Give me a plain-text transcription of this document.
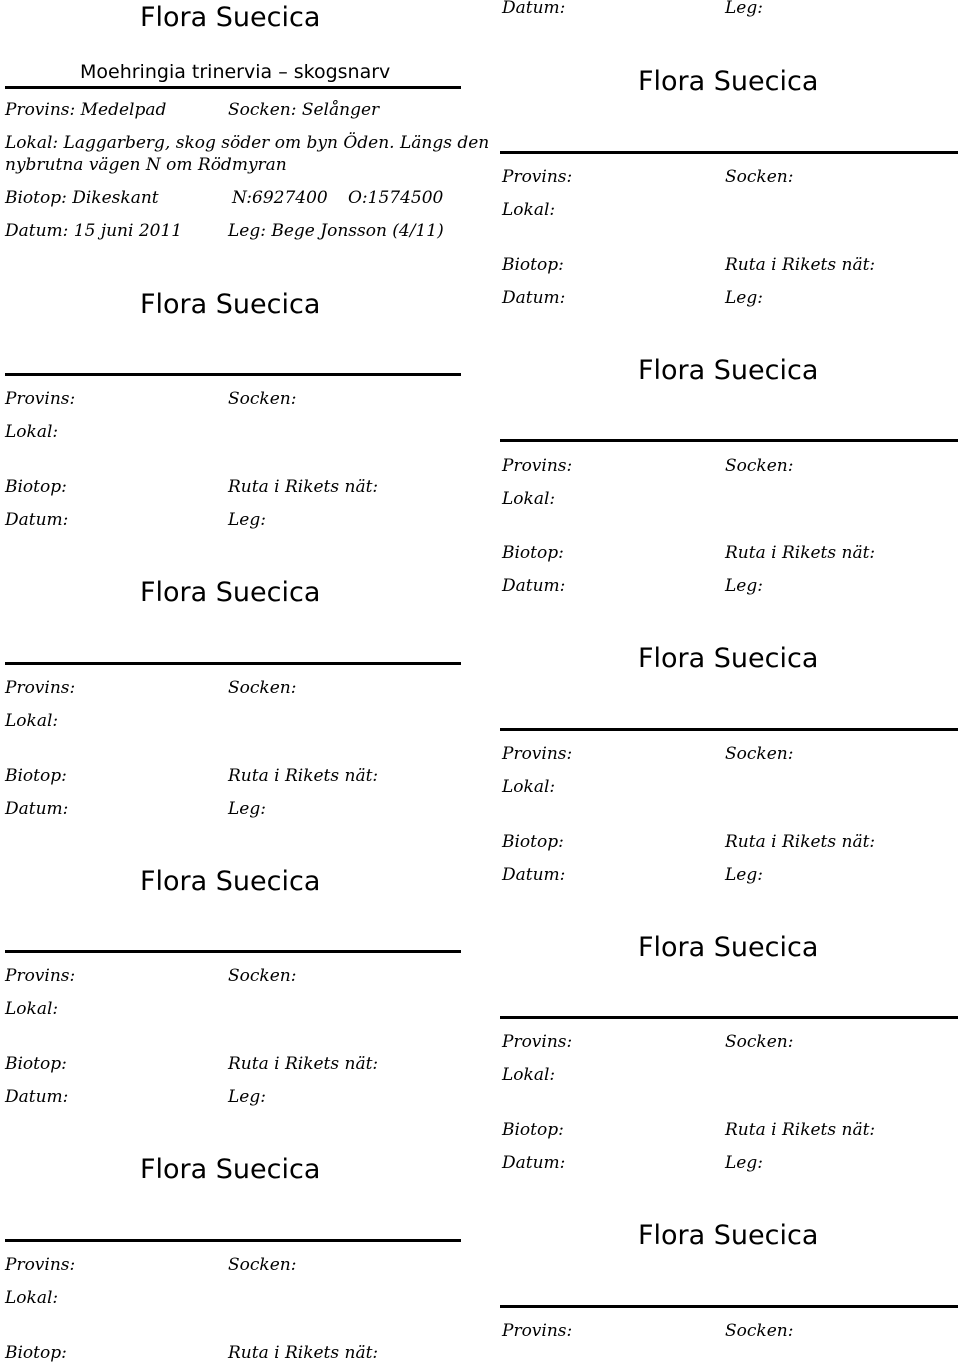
Flora Suecica
Moehringia trinervia – skogsnarv
Provins: Medelpad	Socken: Selånger
Lokal: Laggarberg, skog söder om byn Öden. Längs den
nybrutna vägen N om Rödmyran
Biotop: Dikeskant	N:6927400 O:1574500
Datum: 15 juni 2011	Leg: Bege Jonsson (4/11)
Flora Suecica
Provins:	Socken:
Lokal:
Biotop:	Ruta i Rikets nät:
Datum:	Leg:
Flora Suecica
Provins:	Socken:
Lokal:
Biotop:	Ruta i Rikets nät:
Datum:	Leg:
Flora Suecica
Provins:	Socken:
Lokal:
Biotop:	Ruta i Rikets nät:
Datum:	Leg:
Flora Suecica
Provins:	Socken:
Lokal:
Biotop:	Ruta i Rikets nät:
Datum:	Leg:
Flora Suecica
Provins:	Socken:
Lokal:
Biotop:	Ruta i Rikets nät:
Datum:	Leg:
Flora Suecica
Provins:	Socken:
Lokal:
Biotop:	Ruta i Rikets nät:
Datum:	Leg:
Flora Suecica
Provins:	Socken:
Lokal:
Biotop:	Ruta i Rikets nät:
Datum:	Leg:
Flora Suecica
Provins:	Socken:
Lokal:
Biotop:	Ruta i Rikets nät:
Datum:	Leg:
Flora Suecica
Provins:	Socken:
